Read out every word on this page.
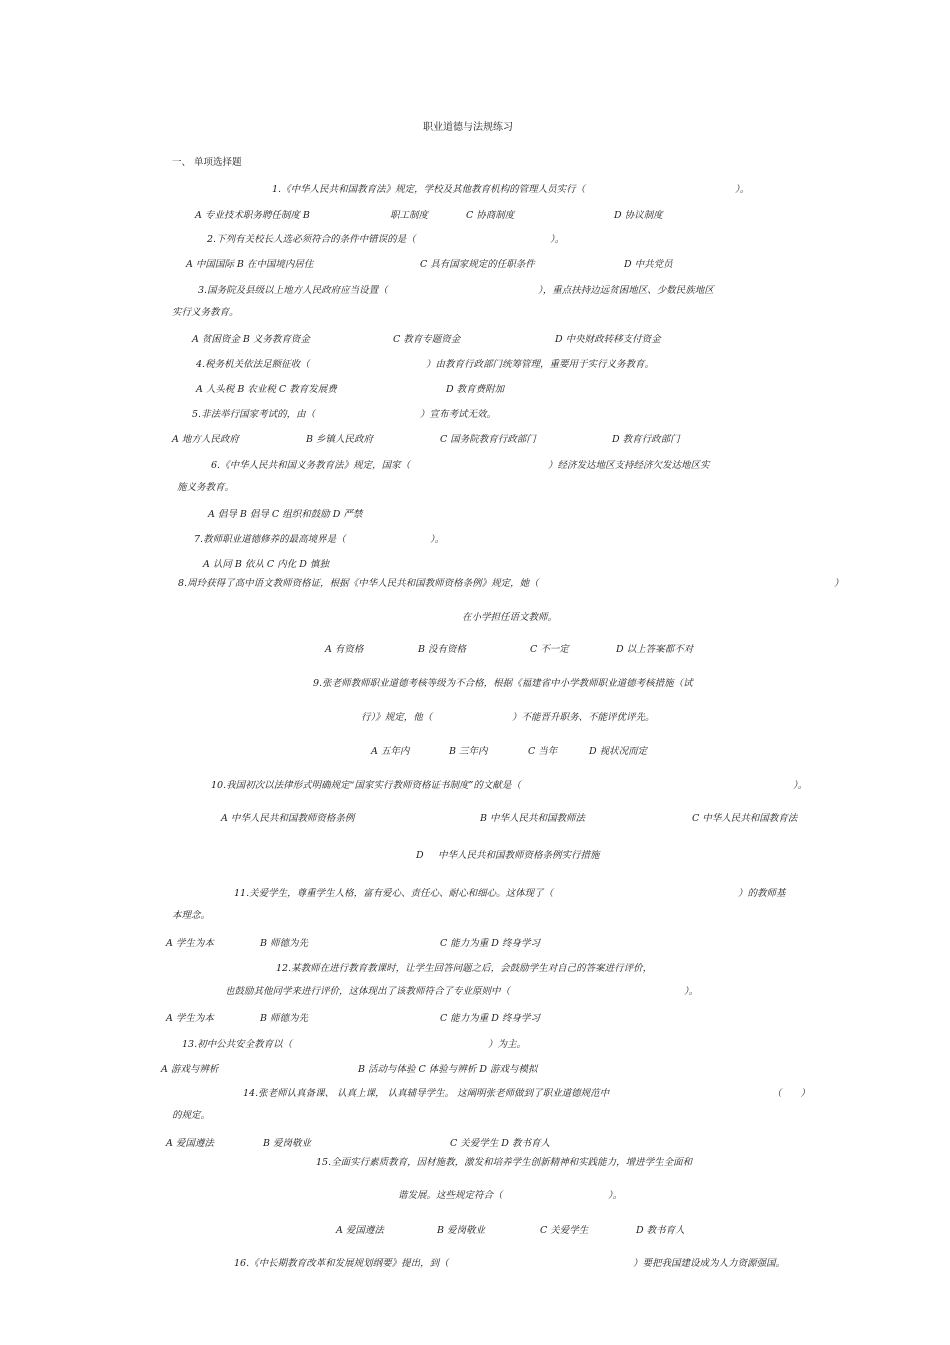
职业道德与法规练习
一、 单项选择题
1.《中华人民共和国教育法》规定，学校及其他教育机构的管理人员实行（	）。
A 专业技术职务聘任制度 B	职工制度	C 协商制度	D 协议制度
2.下列有关校长人选必须符合的条件中错误的是（	）。
A 中国国际 B 在中国境内居住	C 具有国家规定的任职条件	D 中共党员
3.国务院及县级以上地方人民政府应当设置（	），重点扶持边远贫困地区、少数民族地区
实行义务教育。
A 贫困资金 B 义务教育资金	C 教育专题资金	D 中央财政转移支付资金
4.税务机关依法足额征收（	）由教育行政部门统筹管理，重要用于实行义务教育。
A 人头税 B 农业税 C 教育发展费	D 教育费附加
5.非法举行国家考试的，由（	）宣布考试无效。
A 地方人民政府	B 乡镇人民政府	C 国务院教育行政部门	D 教育行政部门
6.《中华人民共和国义务教育法》规定，国家（	）经济发达地区支持经济欠发达地区实
施义务教育。
A 倡导 B 倡导 C 组织和鼓励 D 严禁
7.教师职业道德修养的最高境界是（	）。
A 认同 B 依从 C 内化 D 慎独
8.周玲获得了高中语文教师资格证，根据《中华人民共和国教师资格条例》规定，她（	）
在小学担任语文教师。
A 有资格	B 没有资格	C 不一定	D 以上答案都不对
9.张老师教师职业道德考核等级为不合格，根据《福建省中小学教师职业道德考核措施（试
行）》规定，他（	）不能晋升职务、不能评优评先。
A 五年内	B 三年内	C 当年	D 视状况而定
10.我国初次以法律形式明确规定“国家实行教师资格证书制度”的文献是（	）。
A 中华人民共和国教师资格条例	B 中华人民共和国教师法	C 中华人民共和国教育法
D 中华人民共和国教师资格条例实行措施
11.关爱学生，尊重学生人格，富有爱心、责任心、耐心和细心。这体现了（	）的教师基
本理念。
A 学生为本	B 师德为先	C 能力为重 D 终身学习
12.某教师在进行教育教课时，让学生回答问题之后，会鼓励学生对自己的答案进行评价，
也鼓励其他同学来进行评价，这体现出了该教师符合了专业原则中（	）。
A 学生为本	B 师德为先	C 能力为重 D 终身学习
13.初中公共安全教育以（	）为主。
A 游戏与辨析	B 活动与体验 C 体验与辨析 D 游戏与模拟
14.张老师认真备课、 认真上课， 认真辅导学生。 这阐明张老师做到了职业道德规范中	（　　）
的规定。
A 爱国遵法	B 爱岗敬业	C 关爱学生 D 教书育人
15.全面实行素质教育，因材施教，激发和培养学生创新精神和实践能力，增进学生全面和
谐发展。这些规定符合（	）。
A 爱国遵法	B 爱岗敬业	C 关爱学生	D 教书育人
16.《中长期教育改革和发展规划纲要》提出，到（	）要把我国建设成为人力资源强国。
